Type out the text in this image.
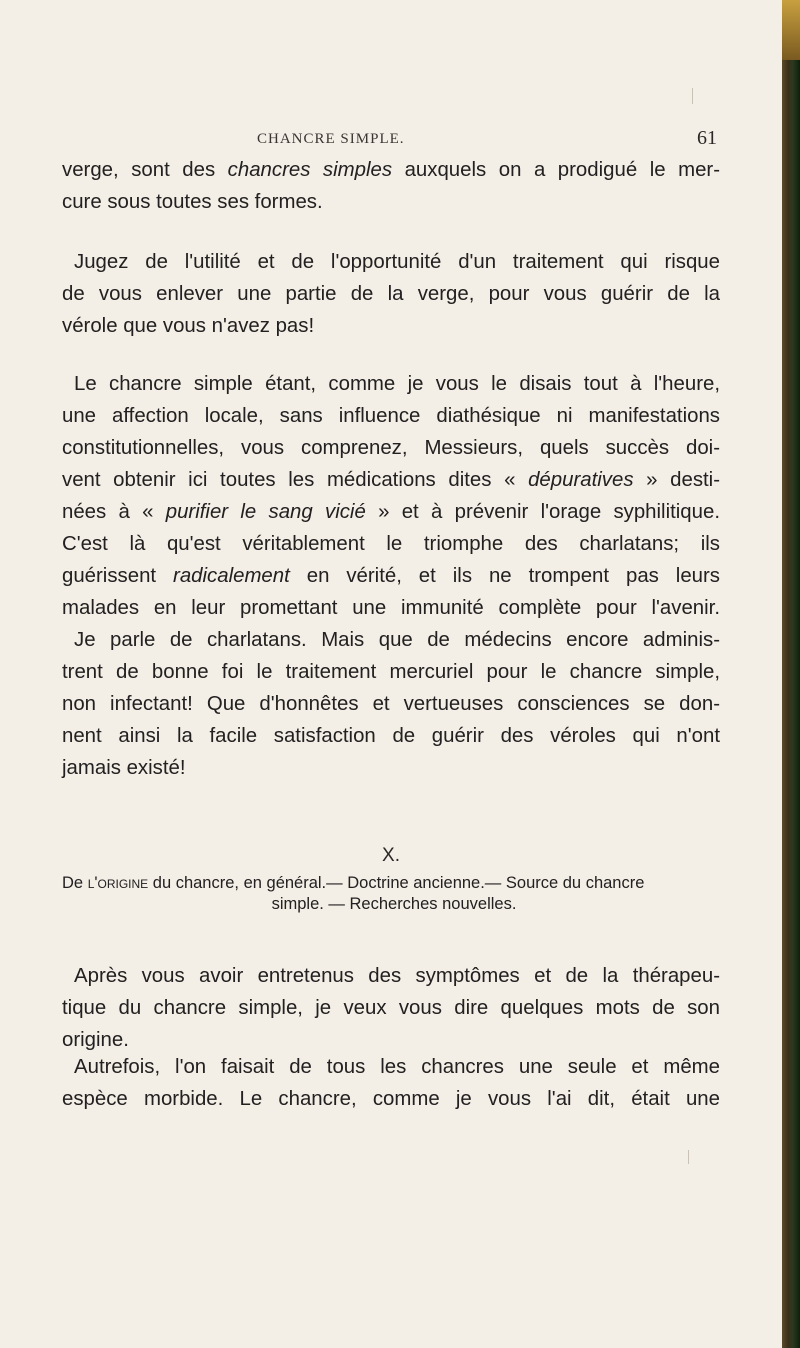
CHANCRE SIMPLE.	61
verge, sont des chancres simples auxquels on a prodigué le mer-
cure sous toutes ses formes.
Jugez de l'utilité et de l'opportunité d'un traitement qui risque
de vous enlever une partie de la verge, pour vous guérir de la
vérole que vous n'avez pas!
Le chancre simple étant, comme je vous le disais tout à l'heure,
une affection locale, sans influence diathésique ni manifestations
constitutionnelles, vous comprenez, Messieurs, quels succès doi-
vent obtenir ici toutes les médications dites « dépuratives » desti-
nées à « purifier le sang vicié » et à prévenir l'orage syphilitique.
C'est là qu'est véritablement le triomphe des charlatans; ils
guérissent radicalement en vérité, et ils ne trompent pas leurs
malades en leur promettant une immunité complète pour l'avenir.
Je parle de charlatans. Mais que de médecins encore adminis-
trent de bonne foi le traitement mercuriel pour le chancre simple,
non infectant! Que d'honnêtes et vertueuses consciences se don-
nent ainsi la facile satisfaction de guérir des véroles qui n'ont
jamais existé!
X.
De l'origine du chancre, en général.— Doctrine ancienne.— Source du chancre
simple. — Recherches nouvelles.
Après vous avoir entretenus des symptômes et de la thérapeu-
tique du chancre simple, je veux vous dire quelques mots de son
origine.
Autrefois, l'on faisait de tous les chancres une seule et même
espèce morbide. Le chancre, comme je vous l'ai dit, était une
